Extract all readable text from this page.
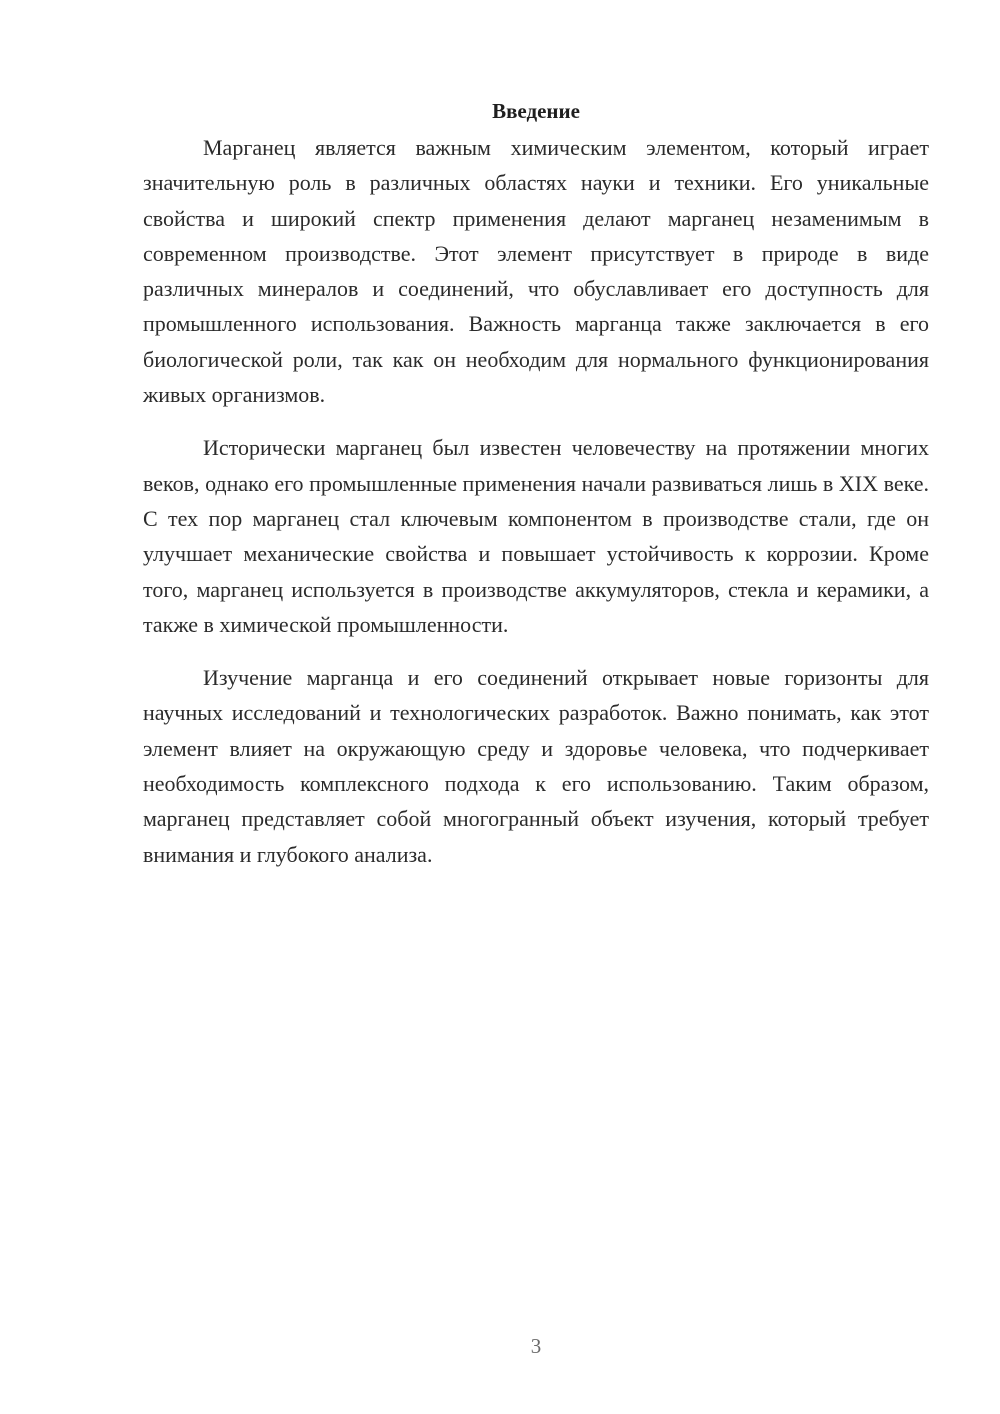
Введение

Марганец является важным химическим элементом, который играет значительную роль в различных областях науки и техники. Его уникальные свойства и широкий спектр применения делают марганец незаменимым в современном производстве. Этот элемент присутствует в природе в виде различных минералов и соединений, что обуславливает его доступность для промышленного использования. Важность марганца также заключается в его биологической роли, так как он необходим для нормального функционирования живых организмов.

Исторически марганец был известен человечеству на протяжении многих веков, однако его промышленные применения начали развиваться лишь в XIX веке. С тех пор марганец стал ключевым компонентом в производстве стали, где он улучшает механические свойства и повышает устойчивость к коррозии. Кроме того, марганец используется в производстве аккумуляторов, стекла и керамики, а также в химической промышленности.

Изучение марганца и его соединений открывает новые горизонты для научных исследований и технологических разработок. Важно понимать, как этот элемент влияет на окружающую среду и здоровье человека, что подчеркивает необходимость комплексного подхода к его использованию. Таким образом, марганец представляет собой многогранный объект изучения, который требует внимания и глубокого анализа.

3
